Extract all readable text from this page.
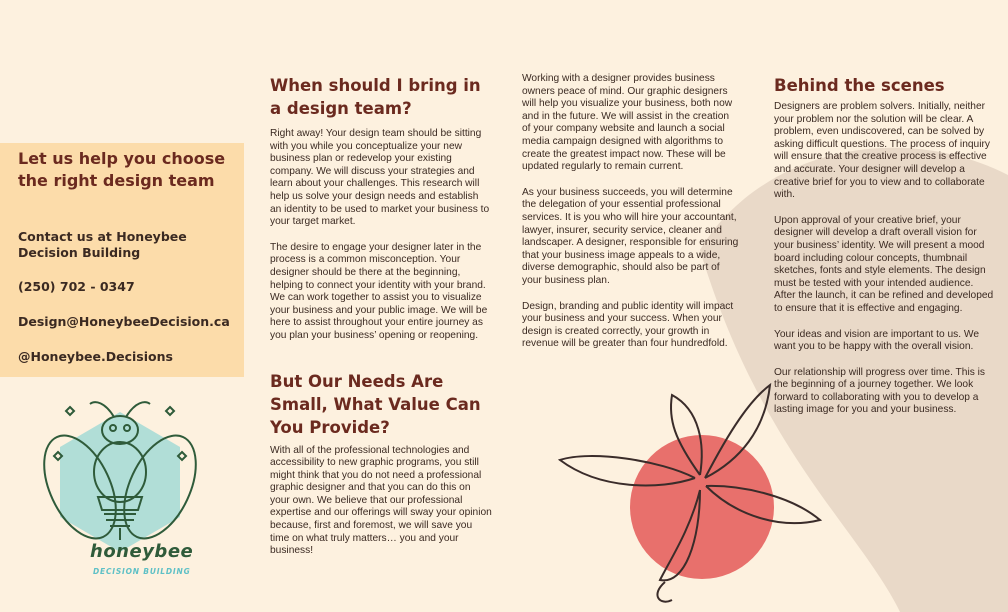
Let us help you choose the right design team
Contact us at Honeybee Decision Building
(250) 702 - 0347
Design@HoneybeeDecision.ca
@Honeybee.Decisions
honeybee
DECISION BUILDING
When should I bring in a design team?

Right away! Your design team should be sitting with you while you conceptualize your new business plan or redevelop your existing company. We will discuss your strategies and learn about your challenges. This research will help us solve your design needs and establish an identity to be used to market your business to your target market.

The desire to engage your designer later in the process is a common misconception. Your designer should be there at the beginning, helping to connect your identity with your brand. We can work together to assist you to visualize your business and your public image. We will be here to assist throughout your entire journey as you plan your business’ opening or reopening.

But Our Needs Are Small, What Value Can You Provide?

With all of the professional technologies and accessibility to new graphic programs, you still might think that you do not need a professional graphic designer and that you can do this on your own. We believe that our professional expertise and our offerings will sway your opinion because, first and foremost, we will save you time on what truly matters… you and your business!

Working with a designer provides business owners peace of mind. Our graphic designers will help you visualize your business, both now and in the future. We will assist in the creation of your company website and launch a social media campaign designed with algorithms to create the greatest impact now. These will be updated regularly to remain current.

As your business succeeds, you will determine the delegation of your essential professional services. It is you who will hire your accountant, lawyer, insurer, security service, cleaner and landscaper. A designer, responsible for ensuring that your business image appeals to a wide, diverse demographic, should also be part of your business plan.

Design, branding and public identity will impact your business and your success. When your design is created correctly, your growth in revenue will be greater than four hundredfold.

Behind the scenes

Designers are problem solvers. Initially, neither your problem nor the solution will be clear. A problem, even undiscovered, can be solved by asking difficult questions. The process of inquiry will ensure that the creative process is effective and accurate. Your designer will develop a creative brief for you to view and to collaborate with.

Upon approval of your creative brief, your designer will develop a draft overall vision for your business’ identity. We will present a mood board including colour concepts, thumbnail sketches, fonts and style elements. The design must be tested with your intended audience. After the launch, it can be refined and developed to ensure that it is effective and engaging.

Your ideas and vision are important to us. We want you to be happy with the overall vision.

Our relationship will progress over time. This is the beginning of a journey together. We look forward to collaborating with you to develop a lasting image for you and your business.
